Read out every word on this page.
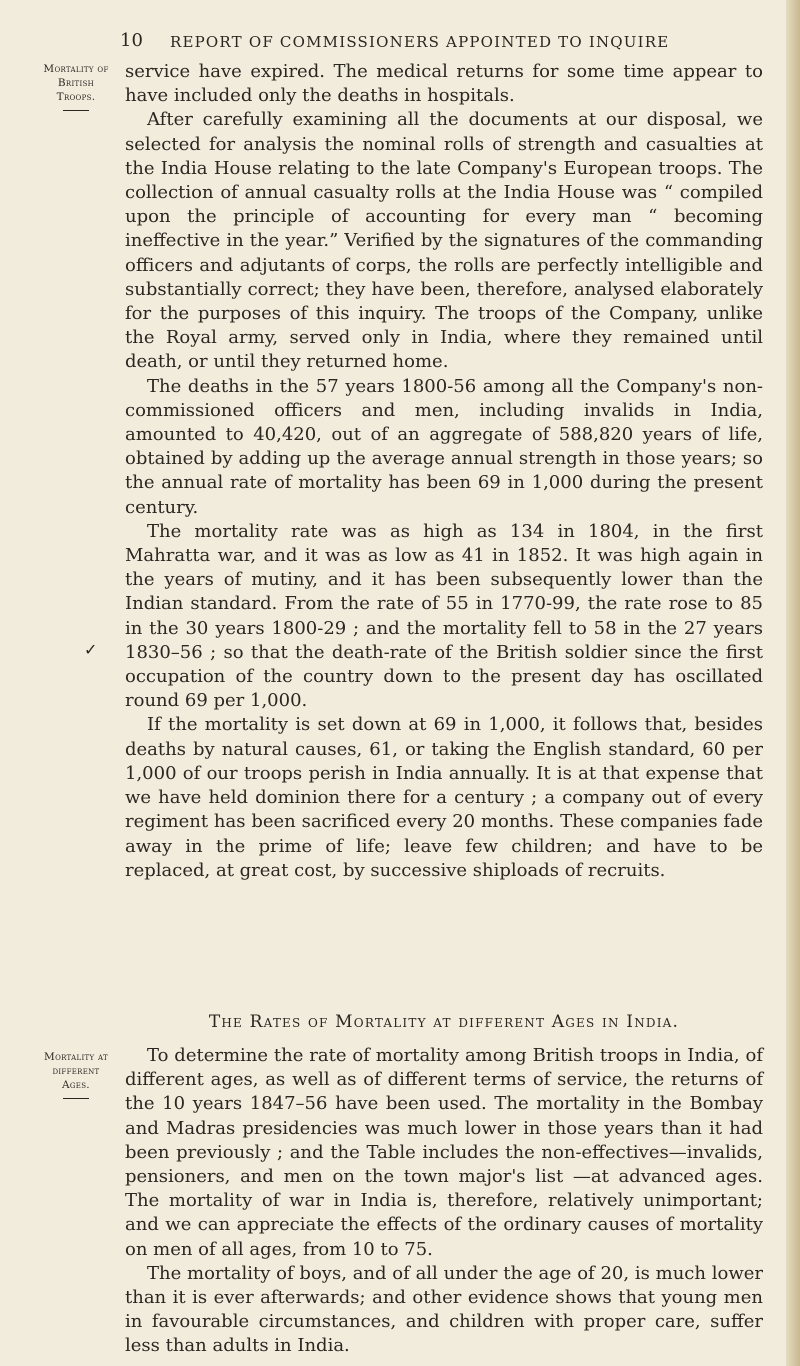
10 REPORT OF COMMISSIONERS APPOINTED TO INQUIRE
Mortality of British Troops.
✓
Mortality at different Ages.

service have expired. The medical returns for some time appear to have included only the deaths in hospitals.

After carefully examining all the documents at our disposal, we selected for analysis the nominal rolls of strength and casualties at the India House relating to the late Company's European troops. The collection of annual casualty rolls at the India House was “ compiled upon the principle of accounting for every man “ becoming ineffective in the year.” Verified by the signatures of the commanding officers and adjutants of corps, the rolls are perfectly intelligible and substantially correct; they have been, therefore, analysed elaborately for the purposes of this inquiry. The troops of the Company, unlike the Royal army, served only in India, where they remained until death, or until they returned home.

The deaths in the 57 years 1800-56 among all the Company's non-commissioned officers and men, including invalids in India, amounted to 40,420, out of an aggregate of 588,820 years of life, obtained by adding up the average annual strength in those years; so the annual rate of mortality has been 69 in 1,000 during the present century.

The mortality rate was as high as 134 in 1804, in the first Mahratta war, and it was as low as 41 in 1852. It was high again in the years of mutiny, and it has been subsequently lower than the Indian standard. From the rate of 55 in 1770-99, the rate rose to 85 in the 30 years 1800-29 ; and the mortality fell to 58 in the 27 years 1830–56 ; so that the death-rate of the British soldier since the first occupation of the country down to the present day has oscillated round 69 per 1,000.

If the mortality is set down at 69 in 1,000, it follows that, besides deaths by natural causes, 61, or taking the English standard, 60 per 1,000 of our troops perish in India annually. It is at that expense that we have held dominion there for a century ; a company out of every regiment has been sacrificed every 20 months. These companies fade away in the prime of life; leave few children; and have to be replaced, at great cost, by successive shiploads of recruits.

The Rates of Mortality at different Ages in India.

To determine the rate of mortality among British troops in India, of different ages, as well as of different terms of service, the returns of the 10 years 1847–56 have been used. The mortality in the Bombay and Madras presidencies was much lower in those years than it had been previously ; and the Table includes the non-effectives—invalids, pensioners, and men on the town major's list —at advanced ages. The mortality of war in India is, therefore, relatively unimportant; and we can appreciate the effects of the ordinary causes of mortality on men of all ages, from 10 to 75.

The mortality of boys, and of all under the age of 20, is much lower than it is ever afterwards; and other evidence shows that young men in favourable circumstances, and children with proper care, suffer less than adults in India.
